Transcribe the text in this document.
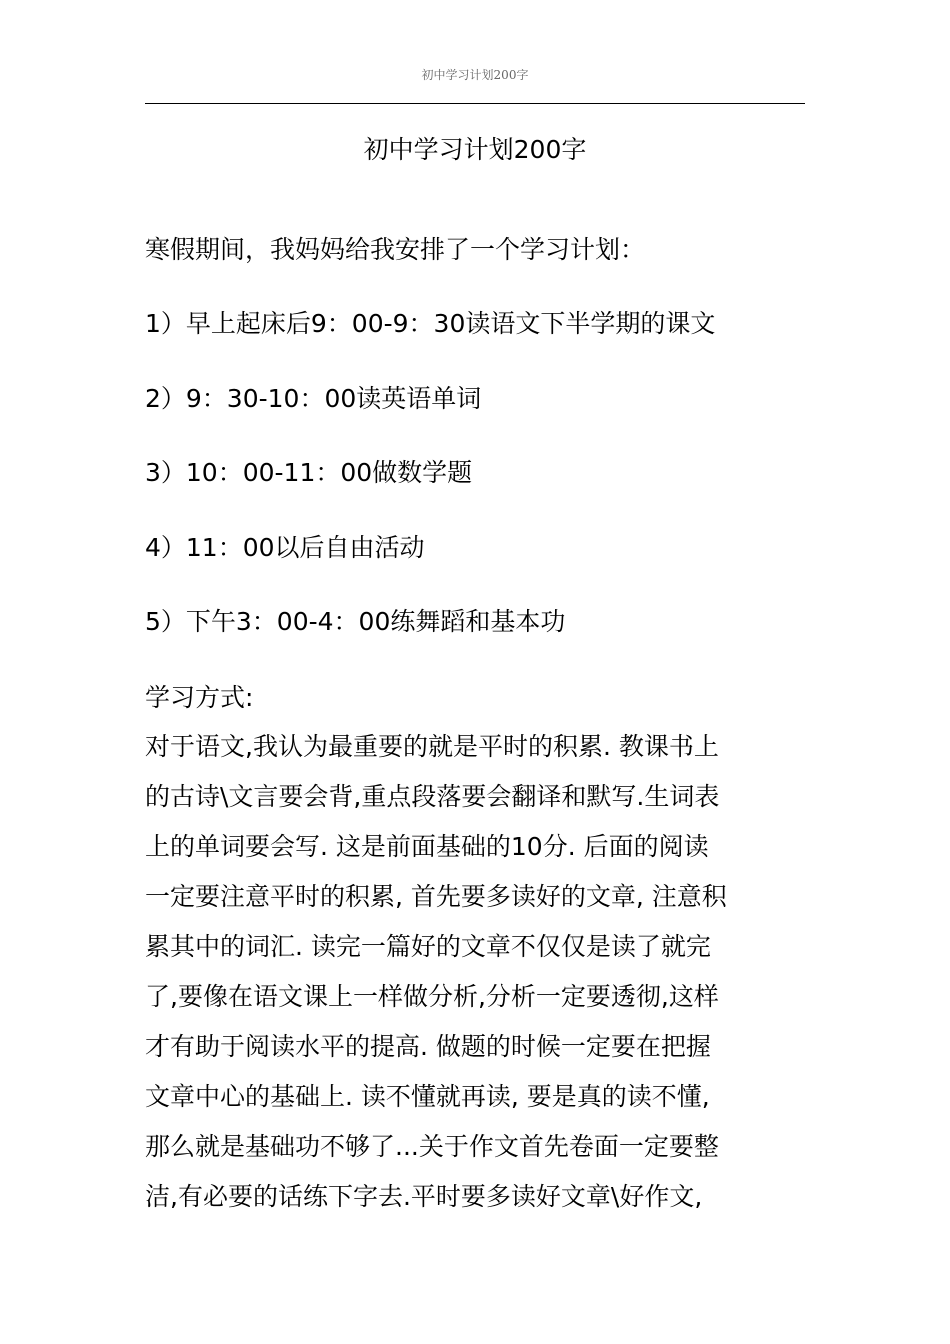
初中学习计划200字
初中学习计划200字
寒假期间，我妈妈给我安排了一个学习计划：
1）早上起床后9：00-9：30读语文下半学期的课文
2）9：30-10：00读英语单词
3）10：00-11：00做数学题
4）11：00以后自由活动
5）下午3：00-4：00练舞蹈和基本功
学习方式:
对于语文,我认为最重要的就是平时的积累. 教课书上
的古诗\文言要会背,重点段落要会翻译和默写.生词表
上的单词要会写. 这是前面基础的10分. 后面的阅读
一定要注意平时的积累, 首先要多读好的文章, 注意积
累其中的词汇. 读完一篇好的文章不仅仅是读了就完
了,要像在语文课上一样做分析,分析一定要透彻,这样
才有助于阅读水平的提高. 做题的时候一定要在把握
文章中心的基础上. 读不懂就再读, 要是真的读不懂,
那么就是基础功不够了...关于作文首先卷面一定要整
洁,有必要的话练下字去.平时要多读好文章\好作文,
